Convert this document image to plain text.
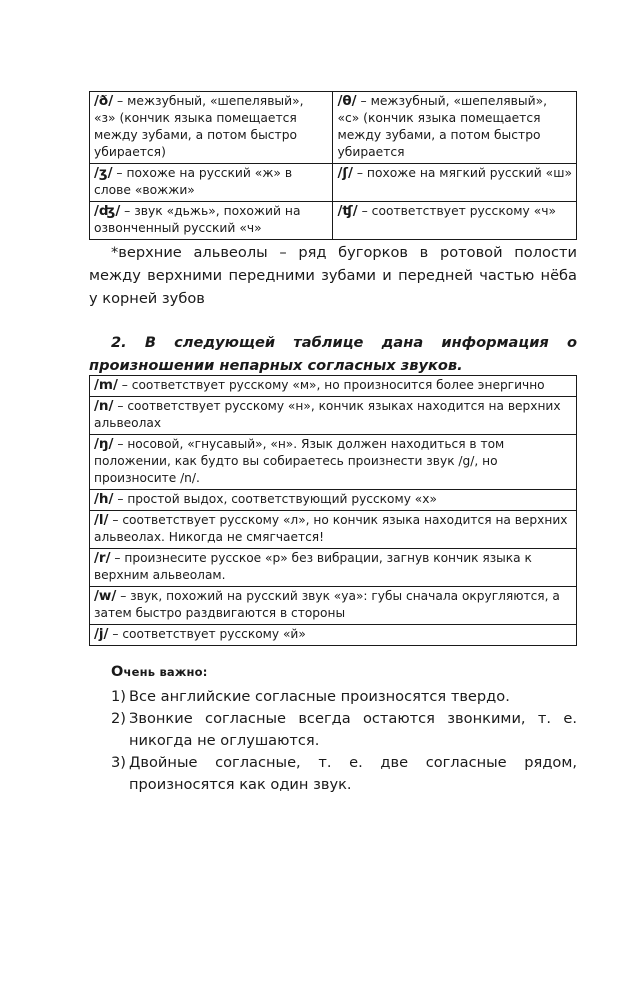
/ð/ – межзубный, «шепелявый», «з» (кончик языка помещается между зубами, а потом быстро убирается)	/θ/ – межзубный, «шепелявый», «с» (кончик языка помещается между зубами, а потом быстро убирается
/ʒ/ – похоже на русский «ж» в слове «вожжи»	/ʃ/ – похоже на мягкий русский «ш»
/ʤ/ – звук «дьжь», похожий на озвонченный русский «ч»	/ʧ/ – соответствует русскому «ч»

*верхние альвеолы – ряд бугорков в ротовой полости между верхними передними зубами и передней частью нёба у корней зубов

2. В следующей таблице дана информация о произношении непарных согласных звуков.

/m/ – соответствует русскому «м», но произносится более энергично
/n/ – соответствует русскому «н», кончик языках находится на верхних альвеолах
/ŋ/ – носовой, «гнусавый», «н». Язык должен находиться в том положении, как будто вы собираетесь произнести звук /g/, но произносите /n/.
/h/ – простой выдох, соответствующий русскому «х»
/l/ – соответствует русскому «л», но кончик языка находится на верхних альвеолах. Никогда не смягчается!
/r/ – произнесите русское «р» без вибрации, загнув кончик языка к верхним альвеолам.
/w/ – звук, похожий на русский звук «уа»: губы сначала округляются, а затем быстро раздвигаются в стороны
/j/ – соответствует русскому «й»
Очень важно:
1) Все английские согласные произносятся твердо.
2) Звонкие согласные всегда остаются звонкими, т. е. никогда не оглушаются.
3) Двойные согласные, т. е. две согласные рядом, произносятся как один звук.
